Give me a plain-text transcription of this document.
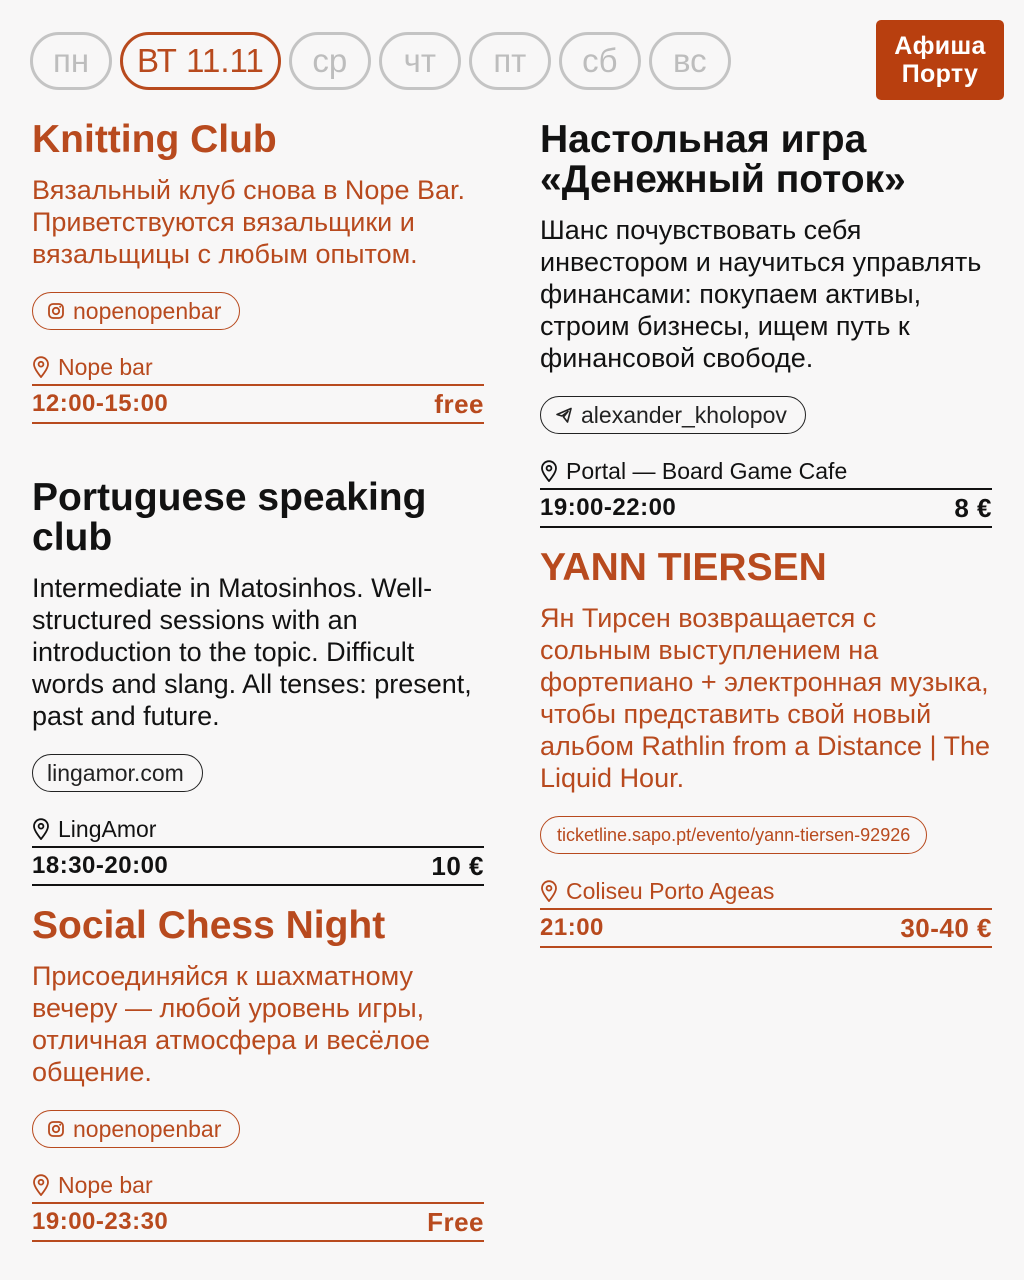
пн	ВТ 11.11	ср	чт	пт	сб	вс	Афиша
Порту
Knitting Club
Вязальный клуб снова в Nope Bar. Приветствуются вязальщики и вязальщицы с любым опытом.
nopenopenbar
Nope bar
12:00-15:00	free
Portuguese speaking club
Intermediate in Matosinhos. Well-structured sessions with an introduction to the topic. Difficult words and slang. All tenses: present, past and future.
lingamor.com
LingAmor
18:30-20:00	10 €
Social Chess Night
Присоединяйся к шахматному вечеру — любой уровень игры, отличная атмосфера и весёлое общение.
nopenopenbar
Nope bar
19:00-23:30	Free
Настольная игра «Денежный поток»
Шанс почувствовать себя инвестором и научиться управлять финансами: покупаем активы, строим бизнесы, ищем путь к финансовой свободе.
alexander_kholopov
Portal — Board Game Cafe
19:00-22:00	8 €
YANN TIERSEN
Ян Тирсен возвращается с сольным выступлением на фортепиано + электронная музыка, чтобы представить свой новый альбом Rathlin from a Distance | The Liquid Hour.
ticketline.sapo.pt/evento/yann-tiersen-92926
Coliseu Porto Ageas
21:00	30-40 €
